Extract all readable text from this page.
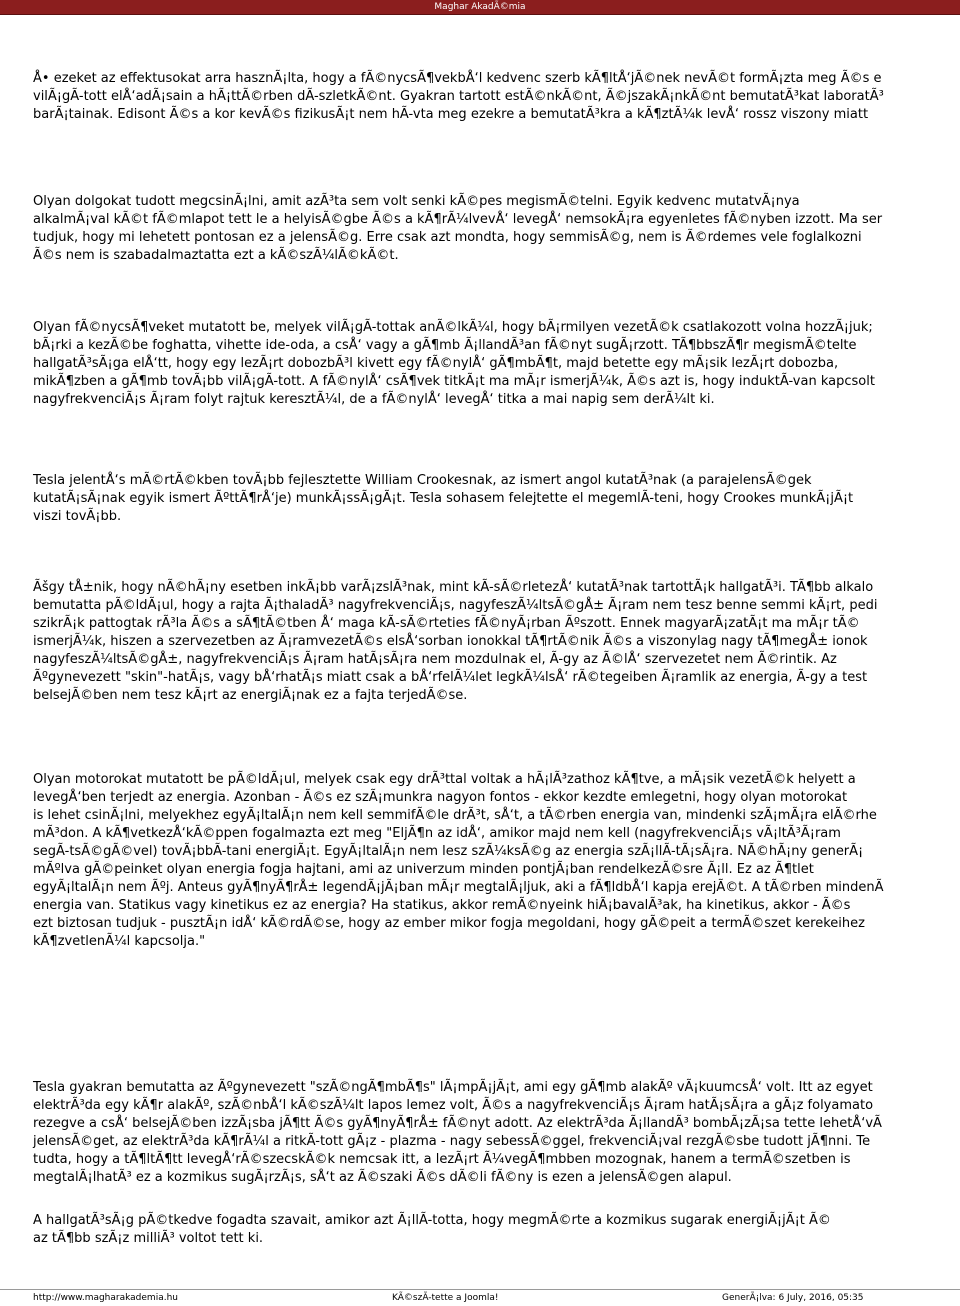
Maghar AkadÃ©mia
Å• ezeket az effektusokat arra hasznÃ¡lta, hogy a fÃ©nycsÃ¶vekbÅ‘l kedvenc szerb kÃ¶ltÅ‘jÃ©nek nevÃ©t formÃ¡zta meg Ã©s e
vilÃ¡gÃ-tott elÅ‘adÃ¡sain a hÃ¡ttÃ©rben dÃ-szletkÃ©nt. Gyakran tartott estÃ©nkÃ©nt, Ã©jszakÃ¡nkÃ©nt bemutatÃ³kat laboratÃ³
barÃ¡tainak. Edisont Ã©s a kor kevÃ©s fizikusÃ¡t nem hÃ-vta meg ezekre a bemutatÃ³kra a kÃ¶ztÃ¼k levÅ‘ rossz viszony miatt
Olyan dolgokat tudott megcsinÃ¡lni, amit azÃ³ta sem volt senki kÃ©pes megismÃ©telni. Egyik kedvenc mutatvÃ¡nya
alkalmÃ¡val kÃ©t fÃ©mlapot tett le a helyisÃ©gbe Ã©s a kÃ¶rÃ¼lvevÅ‘ levegÅ‘ nemsokÃ¡ra egyenletes fÃ©nyben izzott. Ma ser
tudjuk, hogy mi lehetett pontosan ez a jelensÃ©g. Erre csak azt mondta, hogy semmisÃ©g, nem is Ã©rdemes vele foglalkozni
Ã©s nem is szabadalmaztatta ezt a kÃ©szÃ¼lÃ©kÃ©t.
Olyan fÃ©nycsÃ¶veket mutatott be, melyek vilÃ¡gÃ-tottak anÃ©lkÃ¼l, hogy bÃ¡rmilyen vezetÃ©k csatlakozott volna hozzÃ¡juk;
bÃ¡rki a kezÃ©be foghatta, vihette ide-oda, a csÅ‘ vagy a gÃ¶mb Ã¡llandÃ³an fÃ©nyt sugÃ¡rzott. TÃ¶bbszÃ¶r megismÃ©telte
hallgatÃ³sÃ¡ga elÅ‘tt, hogy egy lezÃ¡rt dobozbÃ³l kivett egy fÃ©nylÅ‘ gÃ¶mbÃ¶t, majd betette egy mÃ¡sik lezÃ¡rt dobozba,
mikÃ¶zben a gÃ¶mb tovÃ¡bb vilÃ¡gÃ-tott. A fÃ©nylÅ‘ csÃ¶vek titkÃ¡t ma mÃ¡r ismerjÃ¼k, Ã©s azt is, hogy induktÃ-van kapcsolt
nagyfrekvenciÃ¡s Ã¡ram folyt rajtuk keresztÃ¼l, de a fÃ©nylÅ‘ levegÅ‘ titka a mai napig sem derÃ¼lt ki.
Tesla jelentÅ‘s mÃ©rtÃ©kben tovÃ¡bb fejlesztette William Crookesnak, az ismert angol kutatÃ³nak (a parajelensÃ©gek
kutatÃ¡sÃ¡nak egyik ismert ÃºttÃ¶rÅ‘je) munkÃ¡ssÃ¡gÃ¡t. Tesla sohasem felejtette el megemlÃ-teni, hogy Crookes munkÃ¡jÃ¡t
viszi tovÃ¡bb.
Ãšgy tÅ±nik, hogy nÃ©hÃ¡ny esetben inkÃ¡bb varÃ¡zslÃ³nak, mint kÃ-sÃ©rletezÅ‘ kutatÃ³nak tartottÃ¡k hallgatÃ³i. TÃ¶bb alkalo
bemutatta pÃ©ldÃ¡ul, hogy a rajta Ã¡thaladÃ³ nagyfrekvenciÃ¡s, nagyfeszÃ¼ltsÃ©gÅ± Ã¡ram nem tesz benne semmi kÃ¡rt, pedi
szikrÃ¡k pattogtak rÃ³la Ã©s a sÃ¶tÃ©tben Å‘ maga kÃ-sÃ©rteties fÃ©nyÃ¡rban Ãºszott. Ennek magyarÃ¡zatÃ¡t ma mÃ¡r tÃ©
ismerjÃ¼k, hiszen a szervezetben az Ã¡ramvezetÃ©s elsÅ‘sorban ionokkal tÃ¶rtÃ©nik Ã©s a viszonylag nagy tÃ¶megÅ± ionok
nagyfeszÃ¼ltsÃ©gÅ±, nagyfrekvenciÃ¡s Ã¡ram hatÃ¡sÃ¡ra nem mozdulnak el, Ã-gy az Ã©lÅ‘ szervezetet nem Ã©rintik. Az
Ãºgynevezett "skin"-hatÃ¡s, vagy bÅ‘rhatÃ¡s miatt csak a bÅ‘rfelÃ¼let legkÃ¼lsÅ‘ rÃ©tegeiben Ã¡ramlik az energia, Ã-gy a test
belsejÃ©ben nem tesz kÃ¡rt az energiÃ¡nak ez a fajta terjedÃ©se.
Olyan motorokat mutatott be pÃ©ldÃ¡ul, melyek csak egy drÃ³ttal voltak a hÃ¡lÃ³zathoz kÃ¶tve, a mÃ¡sik vezetÃ©k helyett a
levegÅ‘ben terjedt az energia. Azonban - Ã©s ez szÃ¡munkra nagyon fontos - ekkor kezdte emlegetni, hogy olyan motorokat
is lehet csinÃ¡lni, melyekhez egyÃ¡ltalÃ¡n nem kell semmifÃ©le drÃ³t, sÅ‘t, a tÃ©rben energia van, mindenki szÃ¡mÃ¡ra elÃ©rhe
mÃ³don. A kÃ¶vetkezÅ‘kÃ©ppen fogalmazta ezt meg "EljÃ¶n az idÅ‘, amikor majd nem kell (nagyfrekvenciÃ¡s vÃ¡ltÃ³Ã¡ram
segÃ-tsÃ©gÃ©vel) tovÃ¡bbÃ-tani energiÃ¡t. EgyÃ¡ltalÃ¡n nem lesz szÃ¼ksÃ©g az energia szÃ¡llÃ-tÃ¡sÃ¡ra. NÃ©hÃ¡ny generÃ¡
mÃºlva gÃ©peinket olyan energia fogja hajtani, ami az univerzum minden pontjÃ¡ban rendelkezÃ©sre Ã¡ll. Ez az Ã¶tlet
egyÃ¡ltalÃ¡n nem Ãºj. Anteus gyÃ¶nyÃ¶rÅ± legendÃ¡jÃ¡ban mÃ¡r megtalÃ¡ljuk, aki a fÃ¶ldbÅ‘l kapja erejÃ©t. A tÃ©rben mindenÃ
energia van. Statikus vagy kinetikus ez az energia? Ha statikus, akkor remÃ©nyeink hiÃ¡bavalÃ³ak, ha kinetikus, akkor - Ã©s
ezt biztosan tudjuk - pusztÃ¡n idÅ‘ kÃ©rdÃ©se, hogy az ember mikor fogja megoldani, hogy gÃ©peit a termÃ©szet kerekeihez
kÃ¶zvetlenÃ¼l kapcsolja."
Tesla gyakran bemutatta az Ãºgynevezett "szÃ©ngÃ¶mbÃ¶s" lÃ¡mpÃ¡jÃ¡t, ami egy gÃ¶mb alakÃº vÃ¡kuumcsÅ‘ volt. Itt az egyet
elektrÃ³da egy kÃ¶r alakÃº, szÃ©nbÅ‘l kÃ©szÃ¼lt lapos lemez volt, Ã©s a nagyfrekvenciÃ¡s Ã¡ram hatÃ¡sÃ¡ra a gÃ¡z folyamato
rezegve a csÅ‘ belsejÃ©ben izzÃ¡sba jÃ¶tt Ã©s gyÃ¶nyÃ¶rÅ± fÃ©nyt adott. Az elektrÃ³da Ã¡llandÃ³ bombÃ¡zÃ¡sa tette lehetÅ‘vÃ
jelensÃ©get, az elektrÃ³da kÃ¶rÃ¼l a ritkÃ-tott gÃ¡z - plazma - nagy sebessÃ©ggel, frekvenciÃ¡val rezgÃ©sbe tudott jÃ¶nni. Te
tudta, hogy a tÃ¶ltÃ¶tt levegÅ‘rÃ©szecskÃ©k nemcsak itt, a lezÃ¡rt Ã¼vegÃ¶mbben mozognak, hanem a termÃ©szetben is
megtalÃ¡lhatÃ³ ez a kozmikus sugÃ¡rzÃ¡s, sÅ‘t az Ã©szaki Ã©s dÃ©li fÃ©ny is ezen a jelensÃ©gen alapul.
A hallgatÃ³sÃ¡g pÃ©tkedve fogadta szavait, amikor azt Ã¡llÃ-totta, hogy megmÃ©rte a kozmikus sugarak energiÃ¡jÃ¡t Ã©
az tÃ¶bb szÃ¡z milliÃ³ voltot tett ki.
http://www.magharakademia.hu	KÃ©szÃ-tette a Joomla!	GenerÃ¡lva: 6 July, 2016, 05:35
